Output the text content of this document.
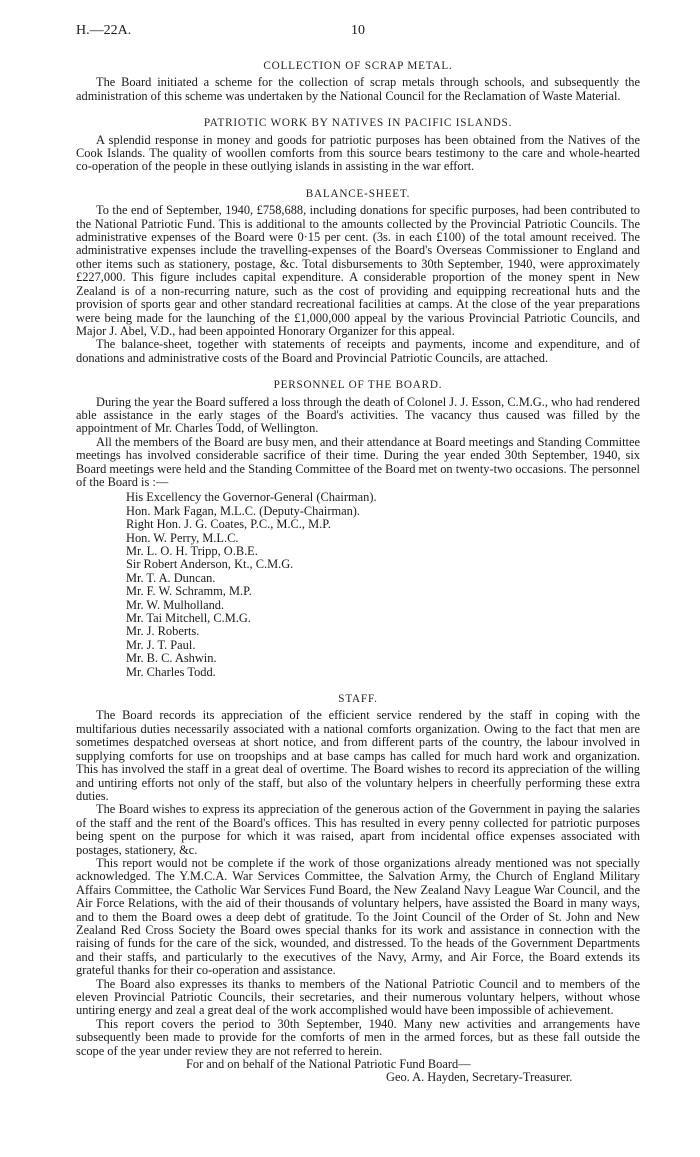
H.—22A.	10
COLLECTION OF SCRAP METAL.

The Board initiated a scheme for the collection of scrap metals through schools, and subsequently the administration of this scheme was undertaken by the National Council for the Reclamation of Waste Material.

PATRIOTIC WORK BY NATIVES IN PACIFIC ISLANDS.

A splendid response in money and goods for patriotic purposes has been obtained from the Natives of the Cook Islands. The quality of woollen comforts from this source bears testimony to the care and whole-hearted co-operation of the people in these outlying islands in assisting in the war effort.

BALANCE-SHEET.

To the end of September, 1940, £758,688, including donations for specific purposes, had been contributed to the National Patriotic Fund. This is additional to the amounts collected by the Provincial Patriotic Councils. The administrative expenses of the Board were 0·15 per cent. (3s. in each £100) of the total amount received. The administrative expenses include the travelling-expenses of the Board's Overseas Commissioner to England and other items such as stationery, postage, &c. Total disbursements to 30th September, 1940, were approximately £227,000. This figure includes capital expenditure. A considerable proportion of the money spent in New Zealand is of a non-recurring nature, such as the cost of providing and equipping recreational huts and the provision of sports gear and other standard recreational facilities at camps. At the close of the year preparations were being made for the launching of the £1,000,000 appeal by the various Provincial Patriotic Councils, and Major J. Abel, V.D., had been appointed Honorary Organizer for this appeal.

The balance-sheet, together with statements of receipts and payments, income and expenditure, and of donations and administrative costs of the Board and Provincial Patriotic Councils, are attached.

PERSONNEL OF THE BOARD.

During the year the Board suffered a loss through the death of Colonel J. J. Esson, C.M.G., who had rendered able assistance in the early stages of the Board's activities. The vacancy thus caused was filled by the appointment of Mr. Charles Todd, of Wellington.

All the members of the Board are busy men, and their attendance at Board meetings and Standing Committee meetings has involved considerable sacrifice of their time. During the year ended 30th September, 1940, six Board meetings were held and the Standing Committee of the Board met on twenty-two occasions. The personnel of the Board is :—

His Excellency the Governor-General (Chairman).
Hon. Mark Fagan, M.L.C. (Deputy-Chairman).
Right Hon. J. G. Coates, P.C., M.C., M.P.
Hon. W. Perry, M.L.C.
Mr. L. O. H. Tripp, O.B.E.
Sir Robert Anderson, Kt., C.M.G.
Mr. T. A. Duncan.
Mr. F. W. Schramm, M.P.
Mr. W. Mulholland.
Mr. Tai Mitchell, C.M.G.
Mr. J. Roberts.
Mr. J. T. Paul.
Mr. B. C. Ashwin.
Mr. Charles Todd.
STAFF.

The Board records its appreciation of the efficient service rendered by the staff in coping with the multifarious duties necessarily associated with a national comforts organization. Owing to the fact that men are sometimes despatched overseas at short notice, and from different parts of the country, the labour involved in supplying comforts for use on troopships and at base camps has called for much hard work and organization. This has involved the staff in a great deal of overtime. The Board wishes to record its appreciation of the willing and untiring efforts not only of the staff, but also of the voluntary helpers in cheerfully performing these extra duties.

The Board wishes to express its appreciation of the generous action of the Government in paying the salaries of the staff and the rent of the Board's offices. This has resulted in every penny collected for patriotic purposes being spent on the purpose for which it was raised, apart from incidental office expenses associated with postages, stationery, &c.

This report would not be complete if the work of those organizations already mentioned was not specially acknowledged. The Y.M.C.A. War Services Committee, the Salvation Army, the Church of England Military Affairs Committee, the Catholic War Services Fund Board, the New Zealand Navy League War Council, and the Air Force Relations, with the aid of their thousands of voluntary helpers, have assisted the Board in many ways, and to them the Board owes a deep debt of gratitude. To the Joint Council of the Order of St. John and New Zealand Red Cross Society the Board owes special thanks for its work and assistance in connection with the raising of funds for the care of the sick, wounded, and distressed. To the heads of the Government Departments and their staffs, and particularly to the executives of the Navy, Army, and Air Force, the Board extends its grateful thanks for their co-operation and assistance.

The Board also expresses its thanks to members of the National Patriotic Council and to members of the eleven Provincial Patriotic Councils, their secretaries, and their numerous voluntary helpers, without whose untiring energy and zeal a great deal of the work accomplished would have been impossible of achievement.

This report covers the period to 30th September, 1940. Many new activities and arrangements have subsequently been made to provide for the comforts of men in the armed forces, but as these fall outside the scope of the year under review they are not referred to herein.

For and on behalf of the National Patriotic Fund Board—
Geo. A. Hayden, Secretary-Treasurer.
